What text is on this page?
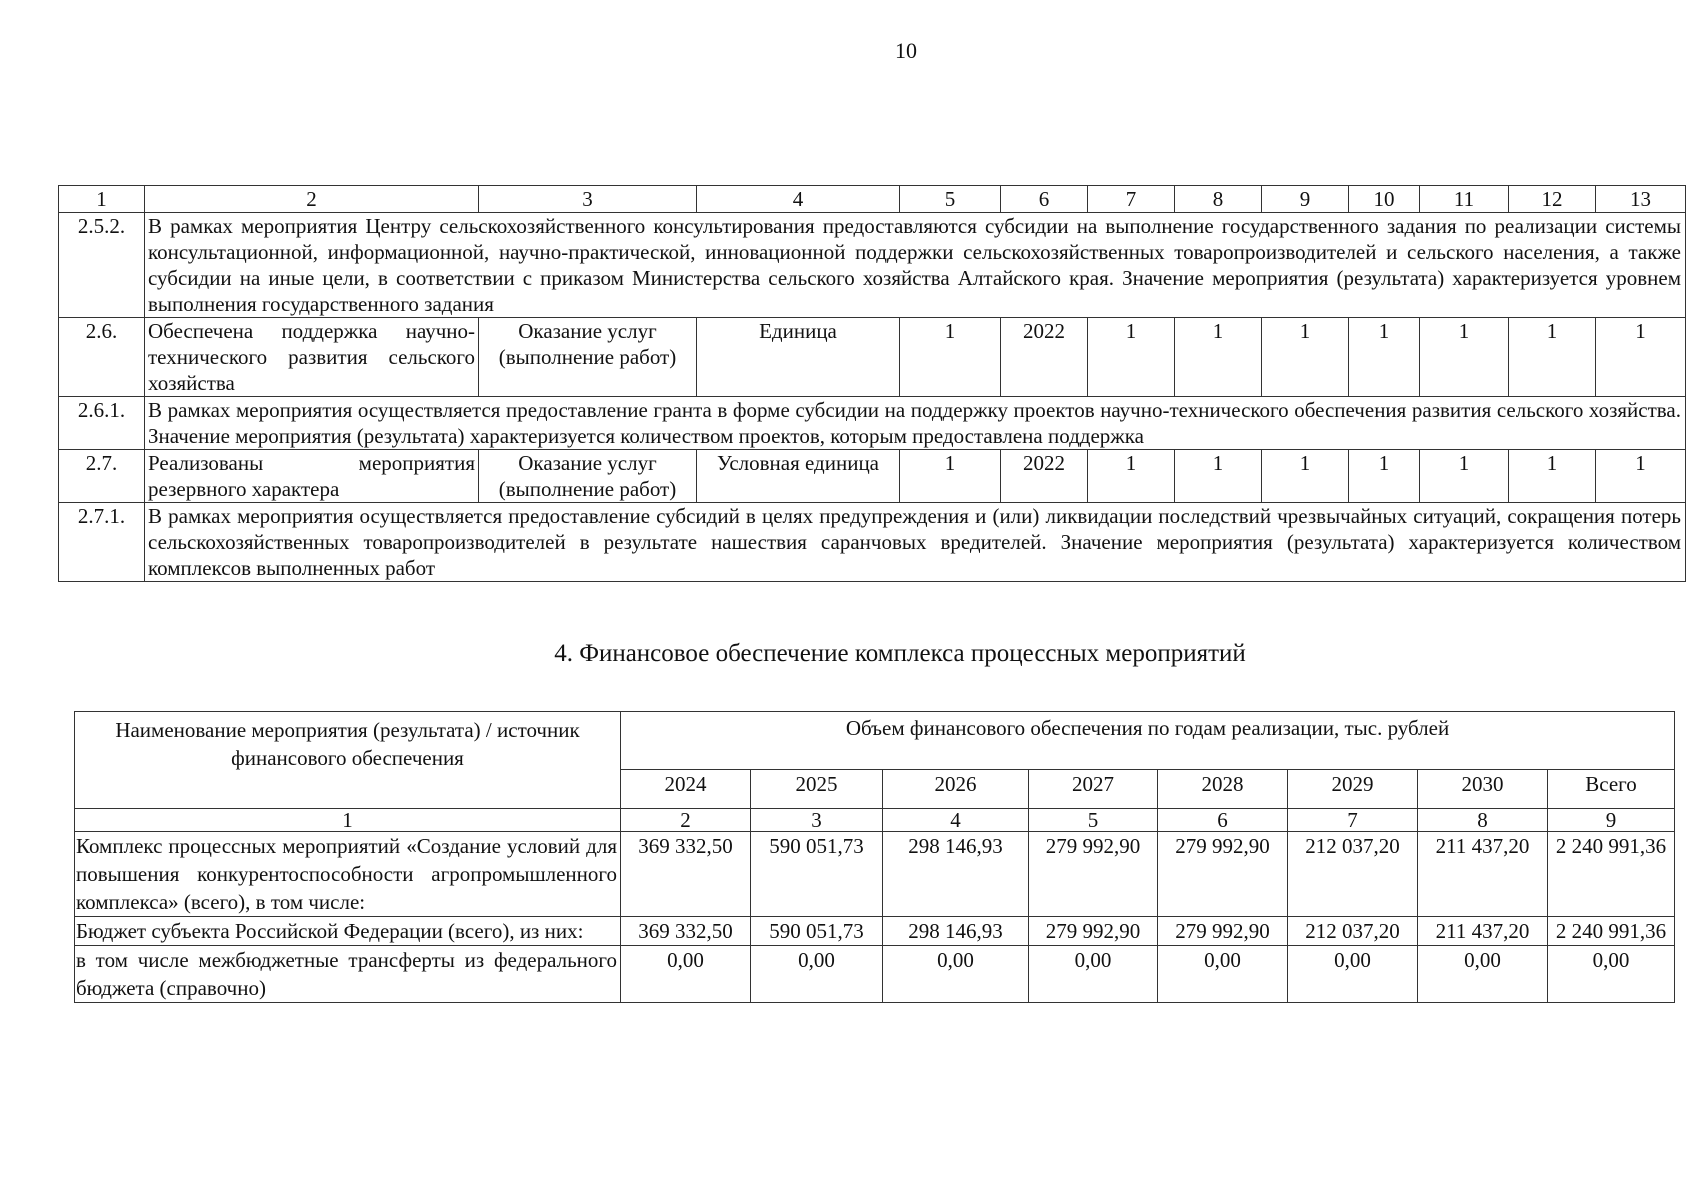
10
1	2	3	4	5	6	7	8	9	10	11	12	13
2.5.2.	В рамках мероприятия Центру сельскохозяйственного консультирования предоставляются субсидии на выполнение государственного задания по реализации системы консультационной, информационной, научно-практической, инновационной поддержки сельскохозяйственных товаропроизводителей и сельского населения, а также субсидии на иные цели, в соответствии с приказом Министерства сельского хозяйства Алтайского края. Значение мероприятия (результата) характеризуется уровнем выполнения государственного задания											
2.6.	Обеспечена поддержка научно-технического развития сельского хозяйства	Оказание услуг (выполнение работ)	Единица	1	2022	1	1	1	1	1	1	1
2.6.1.	В рамках мероприятия осуществляется предоставление гранта в форме субсидии на поддержку проектов научно-технического обеспечения развития сельского хозяйства. Значение мероприятия (результата) характеризуется количеством проектов, которым предоставлена поддержка											
2.7.	Реализованы мероприятия резервного характера	Оказание услуг (выполнение работ)	Условная единица	1	2022	1	1	1	1	1	1	1
2.7.1.	В рамках мероприятия осуществляется предоставление субсидий в целях предупреждения и (или) ликвидации последствий чрезвычайных ситуаций, сокращения потерь сельскохозяйственных товаропроизводителей в результате нашествия саранчовых вредителей. Значение мероприятия (результата) характеризуется количеством комплексов выполненных работ											
4. Финансовое обеспечение комплекса процессных мероприятий
Наименование мероприятия (результата) / источник финансового обеспечения	Объем финансового обеспечения по годам реализации, тыс. рублей							
	2024	2025	2026	2027	2028	2029	2030	Всего
1	2	3	4	5	6	7	8	9
Комплекс процессных мероприятий «Создание условий для повышения конкурентоспособности агропромышленного комплекса» (всего), в том числе:	369 332,50	590 051,73	298 146,93	279 992,90	279 992,90	212 037,20	211 437,20	2 240 991,36
Бюджет субъекта Российской Федерации (всего), из них:	369 332,50	590 051,73	298 146,93	279 992,90	279 992,90	212 037,20	211 437,20	2 240 991,36
в том числе межбюджетные трансферты из федерального бюджета (справочно)	0,00	0,00	0,00	0,00	0,00	0,00	0,00	0,00
